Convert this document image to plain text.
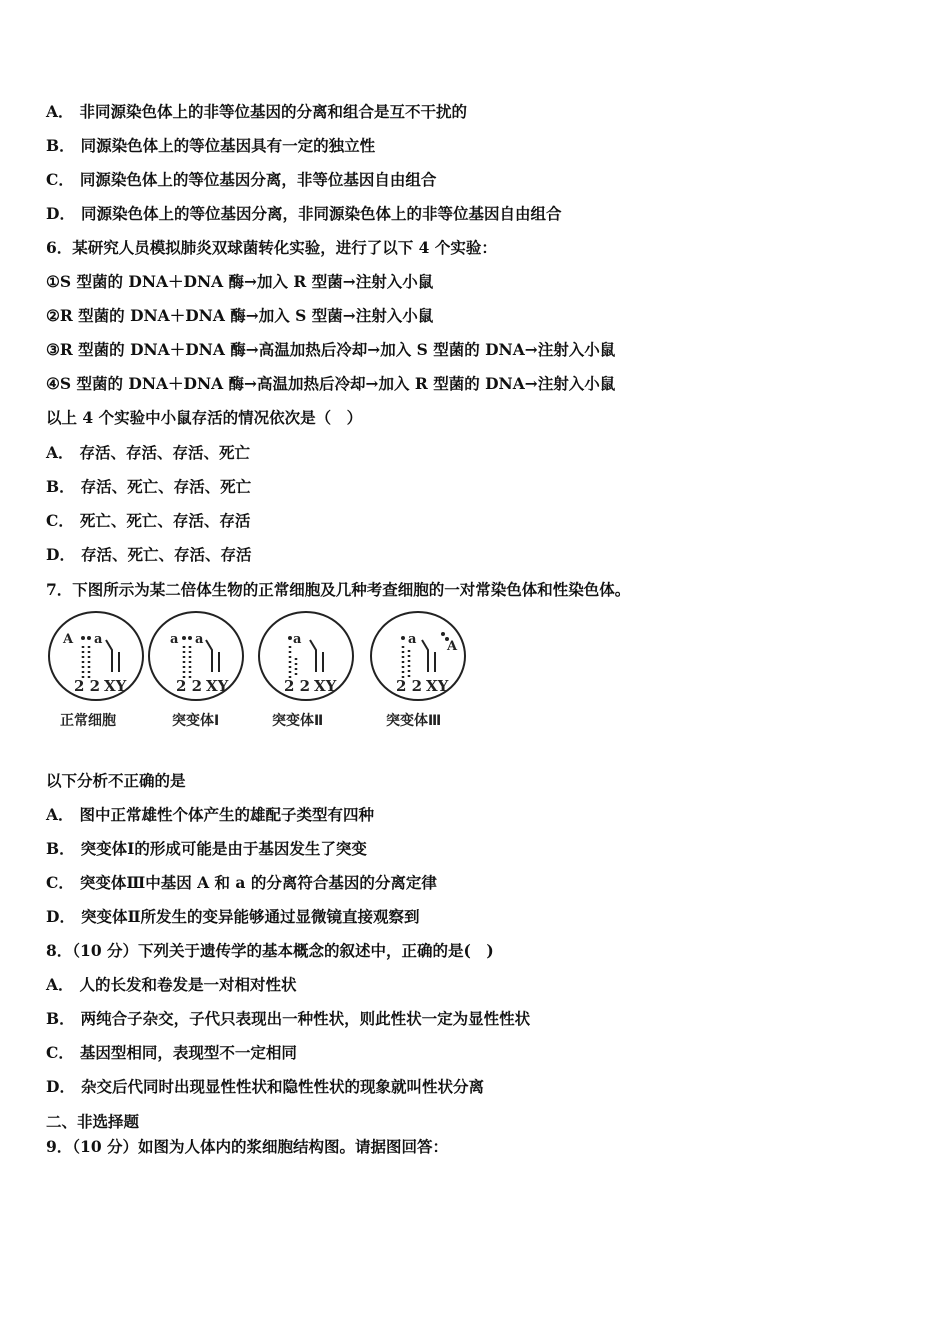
A． 非同源染色体上的非等位基因的分离和组合是互不干扰的
B． 同源染色体上的等位基因具有一定的独立性
C． 同源染色体上的等位基因分离，非等位基因自由组合
D． 同源染色体上的等位基因分离，非同源染色体上的非等位基因自由组合
6．某研究人员模拟肺炎双球菌转化实验，进行了以下 4 个实验：
①S 型菌的 DNA＋DNA 酶→加入 R 型菌→注射入小鼠
②R 型菌的 DNA＋DNA 酶→加入 S 型菌→注射入小鼠
③R 型菌的 DNA＋DNA 酶→高温加热后冷却→加入 S 型菌的 DNA→注射入小鼠
④S 型菌的 DNA＋DNA 酶→高温加热后冷却→加入 R 型菌的 DNA→注射入小鼠
以上 4 个实验中小鼠存活的情况依次是（　）
A． 存活、存活、存活、死亡
B． 存活、死亡、存活、死亡
C． 死亡、死亡、存活、存活
D． 存活、死亡、存活、存活
7．下图所示为某二倍体生物的正常细胞及几种考查细胞的一对常染色体和性染色体。
A a
2 2 XY
正常细胞
a a
2 2 XY
突变体Ⅰ
a
2 2 XY
突变体Ⅱ
a A
2 2 XY
突变体Ⅲ
以下分析不正确的是
A． 图中正常雄性个体产生的雄配子类型有四种
B． 突变体Ⅰ的形成可能是由于基因发生了突变
C． 突变体Ⅲ中基因 A 和 a 的分离符合基因的分离定律
D． 突变体Ⅱ所发生的变异能够通过显微镜直接观察到
8．（10 分）下列关于遗传学的基本概念的叙述中，正确的是(　)
A． 人的长发和卷发是一对相对性状
B． 两纯合子杂交，子代只表现出一种性状，则此性状一定为显性性状
C． 基因型相同，表现型不一定相同
D． 杂交后代同时出现显性性状和隐性性状的现象就叫性状分离
二、非选择题
9．（10 分）如图为人体内的浆细胞结构图。请据图回答：
